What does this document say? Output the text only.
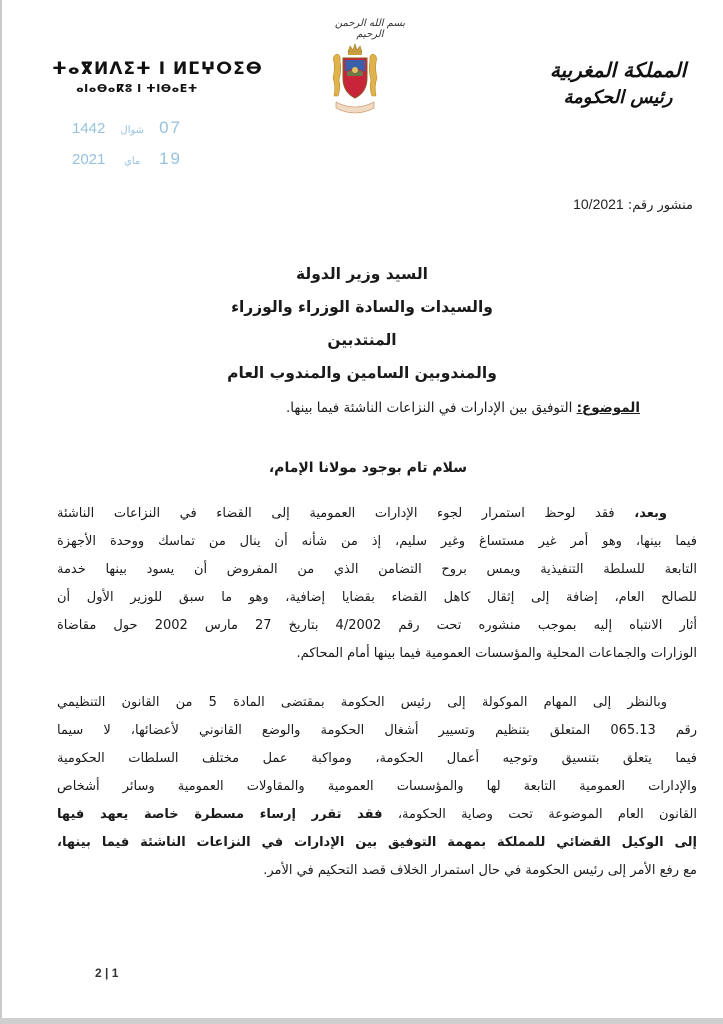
بسم الله الرحمن الرحيم
ⵜⴰⴳⵍⴷⵉⵜ ⵏ ⵍⵎⵖⵔⵉⴱ
ⴰⵏⴰⴱⴰⴽⵓ ⵏ ⵜⵏⴱⴰⴹⵜ
1442 شوال 07
2021 ماي 19
المملكة المغربية
رئيس الحكومة
منشور رقم: 10/2021
السيد وزير الدولة
والسيدات والسادة الوزراء والوزراء المنتدبين
والمندوبين السامين والمندوب العام
الموضوع: التوفيق بين الإدارات في النزاعات الناشئة فيما بينها.
سلام تام بوجود مولانا الإمام،
وبعد، فقد لوحظ استمرار لجوء الإدارات العمومية إلى القضاء في النزاعات الناشئة
فيما بينها، وهو أمر غير مستساغ وغير سليم، إذ من شأنه أن ينال من تماسك ووحدة الأجهزة
التابعة للسلطة التنفيذية ويمس بروح التضامن الذي من المفروض أن يسود بينها خدمة
للصالح العام، إضافة إلى إثقال كاهل القضاء بقضايا إضافية، وهو ما سبق للوزير الأول أن
أثار الانتباه إليه بموجب منشوره تحت رقم 4/2002 بتاريخ 27 مارس 2002 حول مقاضاة
الوزارات والجماعات المحلية والمؤسسات العمومية فيما بينها أمام المحاكم.
وبالنظر إلى المهام الموكولة إلى رئيس الحكومة بمقتضى المادة 5 من القانون التنظيمي
رقم 065.13 المتعلق بتنظيم وتسيير أشغال الحكومة والوضع القانوني لأعضائها، لا سيما
فيما يتعلق بتنسيق وتوجيه أعمال الحكومة، ومواكبة عمل مختلف السلطات الحكومية
والإدارات العمومية التابعة لها والمؤسسات العمومية والمقاولات العمومية وسائر أشخاص
القانون العام الموضوعة تحت وصاية الحكومة، فقد تقرر إرساء مسطرة خاصة يعهد فيها
إلى الوكيل القضائي للمملكة بمهمة التوفيق بين الإدارات في النزاعات الناشئة فيما بينها،
مع رفع الأمر إلى رئيس الحكومة في حال استمرار الخلاف قصد التحكيم في الأمر.
2 | 1
